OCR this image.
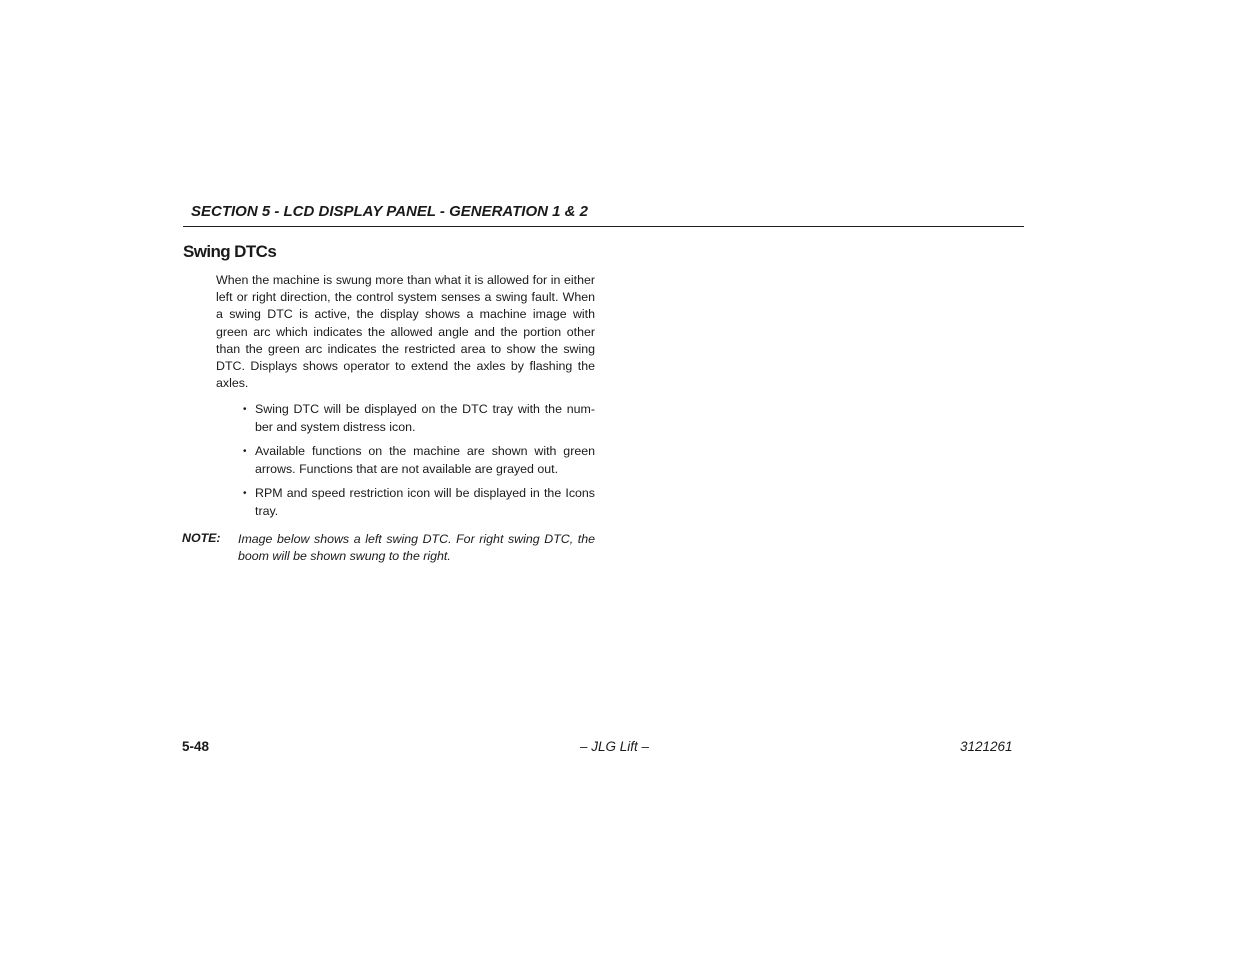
SECTION 5 - LCD DISPLAY PANEL - GENERATION 1 & 2
Swing DTCs
When the machine is swung more than what it is allowed for in either left or right direction, the control system senses a swing fault. When a swing DTC is active, the display shows a machine image with green arc which indicates the allowed angle and the portion other than the green arc indicates the restricted area to show the swing DTC. Displays shows operator to extend the axles by flashing the axles.
• Swing DTC will be displayed on the DTC tray with the num-ber and system distress icon.
• Available functions on the machine are shown with green arrows. Functions that are not available are grayed out.
• RPM and speed restriction icon will be displayed in the Icons tray.
NOTE: Image below shows a left swing DTC. For right swing DTC, the boom will be shown swung to the right.
5-48	– JLG Lift –	3121261
